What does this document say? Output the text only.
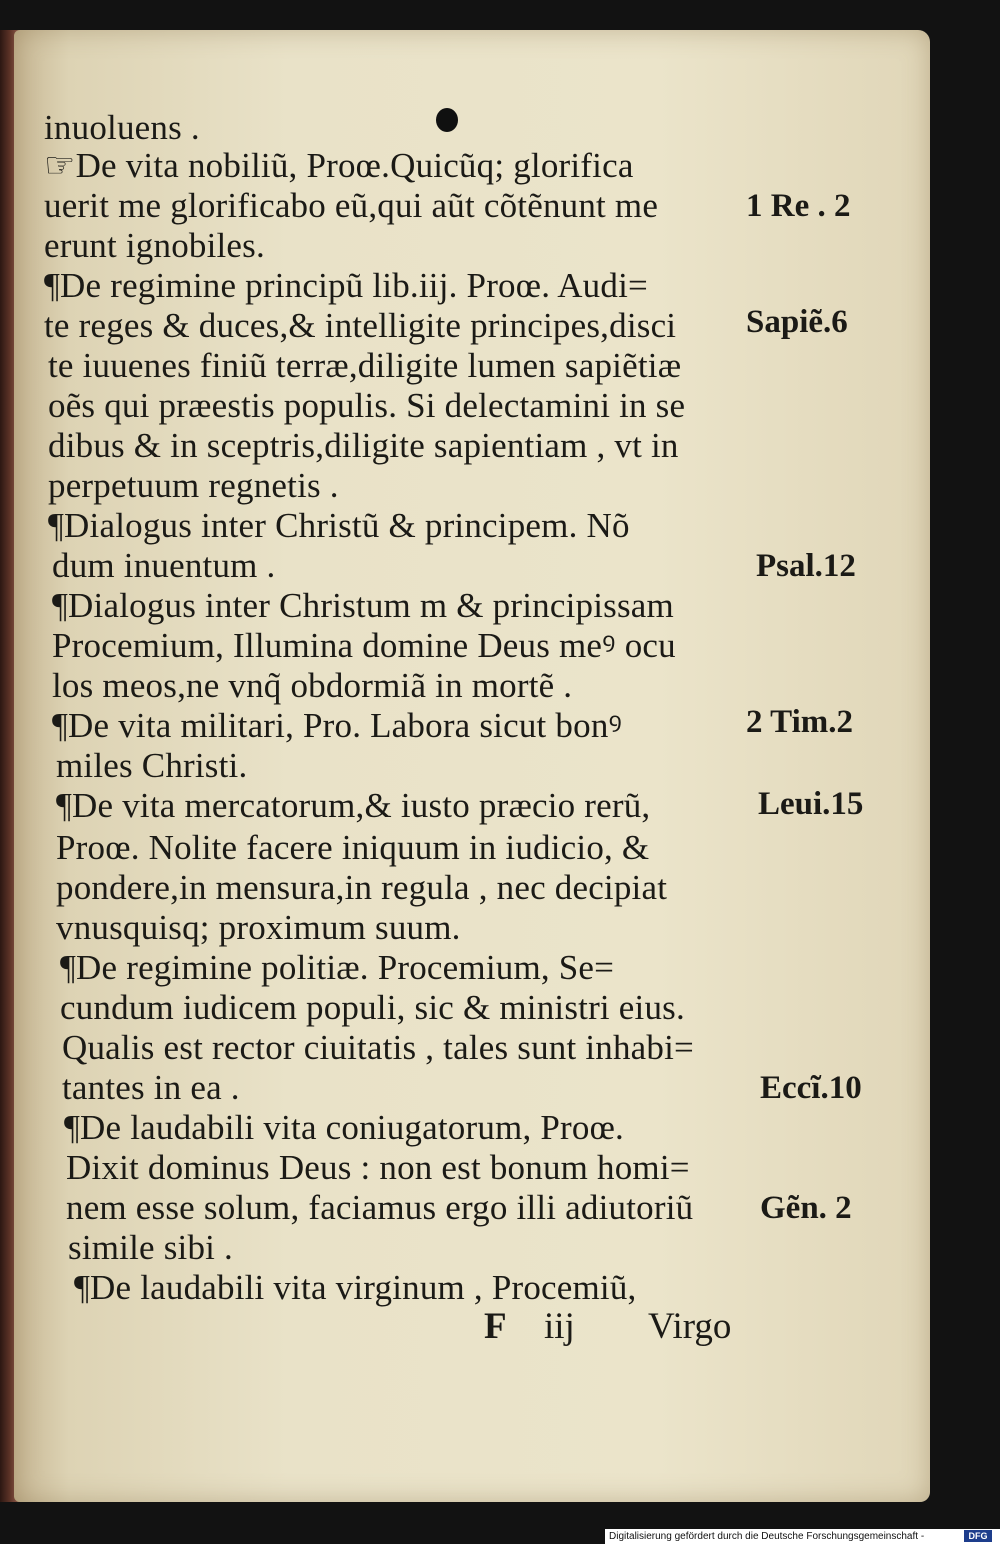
inuoluens .
☞De vita nobiliũ, Proœ.Quicũq; glorifica
uerit me glorificabo eũ,qui aũt cõtẽnunt me
erunt ignobiles.
¶De regimine principũ lib.iij. Proœ. Audi=
te reges & duces,& intelligite principes,disci
te iuuenes finiũ terræ,diligite lumen sapiẽtiæ
oẽs qui præestis populis. Si delectamini in se
dibus & in sceptris,diligite sapientiam , vt in
perpetuum regnetis .
¶Dialogus inter Christũ & principem. Nõ
dum inuentum .
¶Dialogus inter Christum m & principissam
Procemium, Illumina domine Deus meꝰ ocu
los meos,ne vnq̃ obdormiã in mortẽ .
¶De vita militari, Pro. Labora sicut bonꝰ
miles Christi.
¶De vita mercatorum,& iusto præcio rerũ,
Proœ. Nolite facere iniquum in iudicio, &
pondere,in mensura,in regula , nec decipiat
vnusquisq; proximum suum.
¶De regimine politiæ. Procemium, Se=
cundum iudicem populi, sic & ministri eius.
Qualis est rector ciuitatis , tales sunt inhabi=
tantes in ea .
¶De laudabili vita coniugatorum, Proœ.
Dixit dominus Deus : non est bonum homi=
nem esse solum, faciamus ergo illi adiutoriũ
simile sibi .
¶De laudabili vita virginum , Procemiũ,
1 Re . 2
Sapiẽ.6
Psal.12
2 Tim.2
Leui.15
Eccĩ.10
Gẽn. 2
F iij Virgo
Digitalisierung gefördert durch die Deutsche Forschungsgemeinschaft -	DFG
